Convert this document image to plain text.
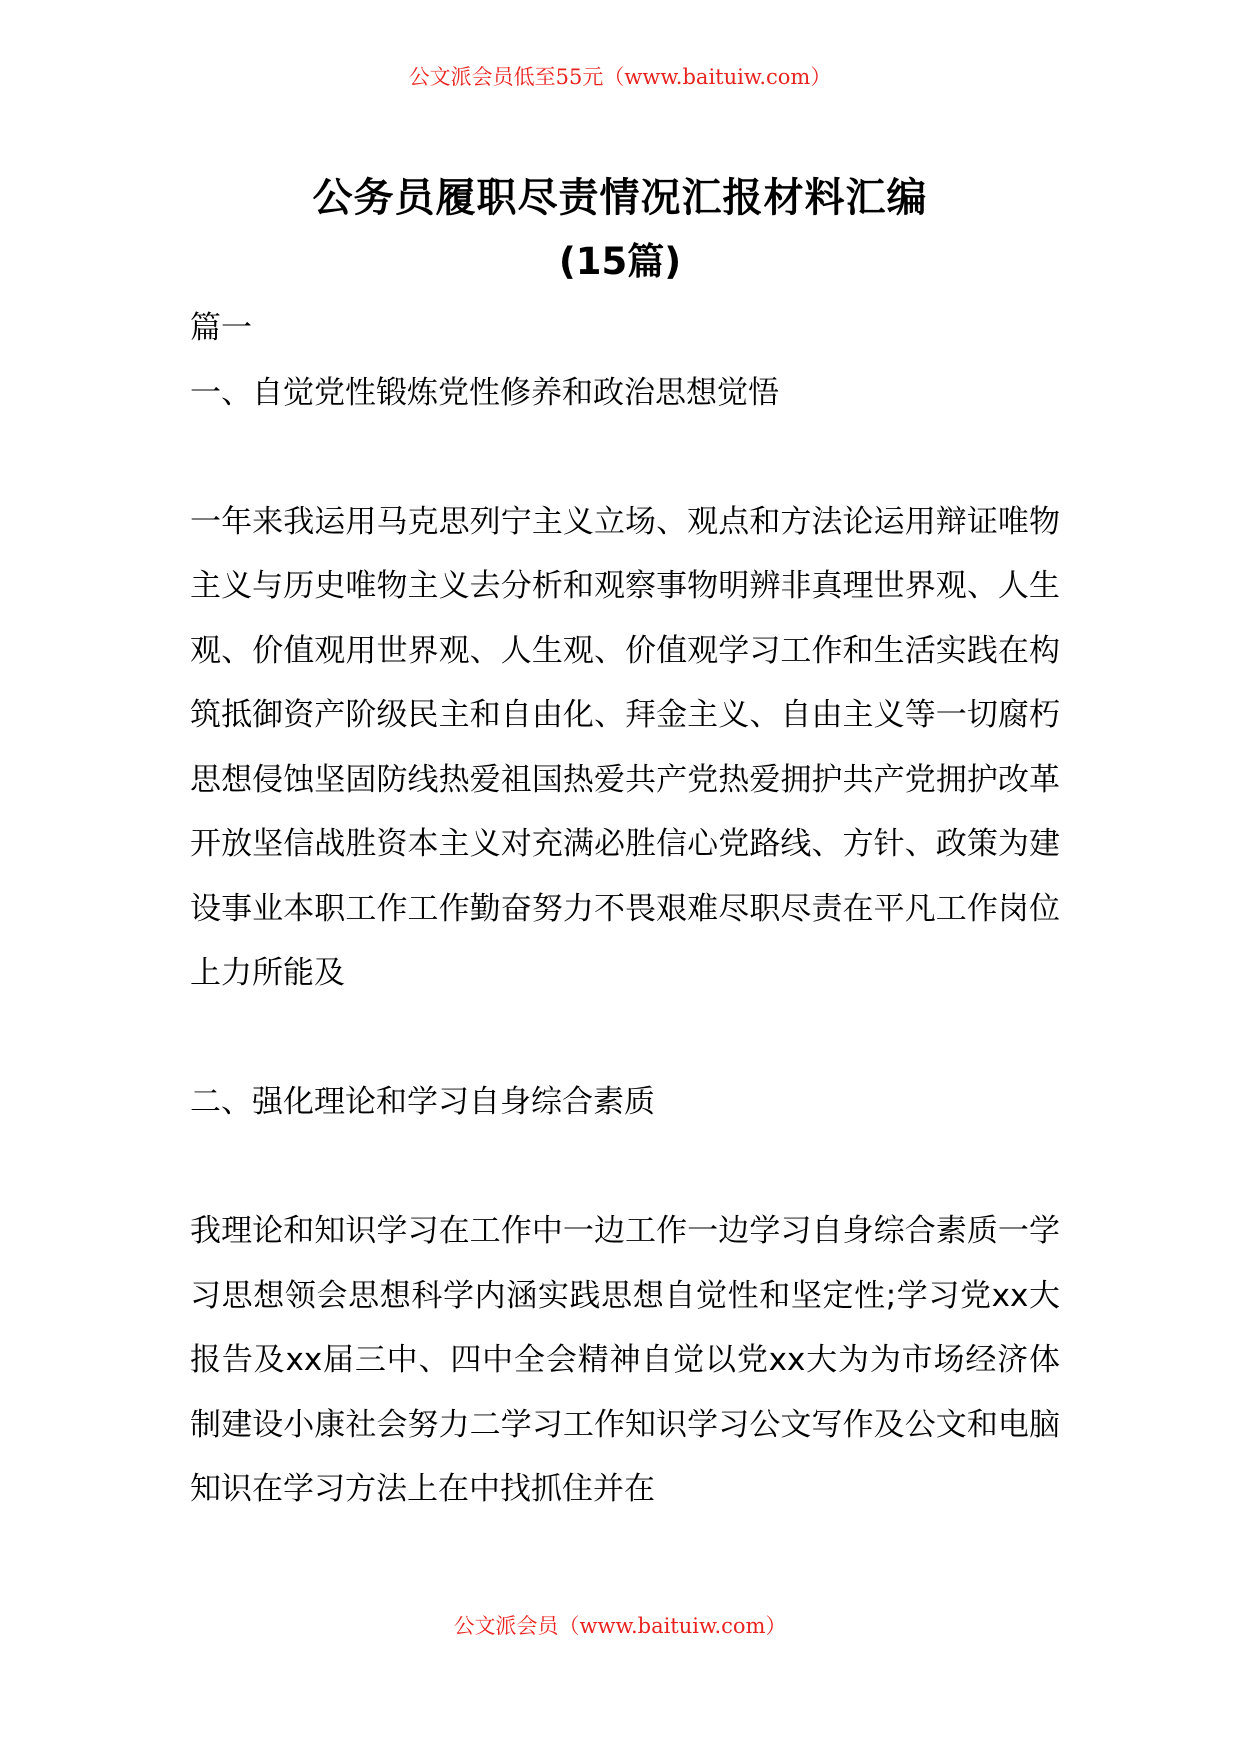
公文派会员低至55元（www.baituiw.com）

公务员履职尽责情况汇报材料汇编
(15篇)

篇一

一、自觉党性锻炼党性修养和政治思想觉悟

一年来我运用马克思列宁主义立场、观点和方法论运用辩证唯物主义与历史唯物主义去分析和观察事物明辨非真理世界观、人生观、价值观用世界观、人生观、价值观学习工作和生活实践在构筑抵御资产阶级民主和自由化、拜金主义、自由主义等一切腐朽思想侵蚀坚固防线热爱祖国热爱共产党热爱拥护共产党拥护改革开放坚信战胜资本主义对充满必胜信心党路线、方针、政策为建设事业本职工作工作勤奋努力不畏艰难尽职尽责在平凡工作岗位上力所能及

二、强化理论和学习自身综合素质

我理论和知识学习在工作中一边工作一边学习自身综合素质一学习思想领会思想科学内涵实践思想自觉性和坚定性;学习党xx大报告及xx届三中、四中全会精神自觉以党xx大为为市场经济体制建设小康社会努力二学习工作知识学习公文写作及公文和电脑知识在学习方法上在中找抓住并在

公文派会员（www.baituiw.com）
